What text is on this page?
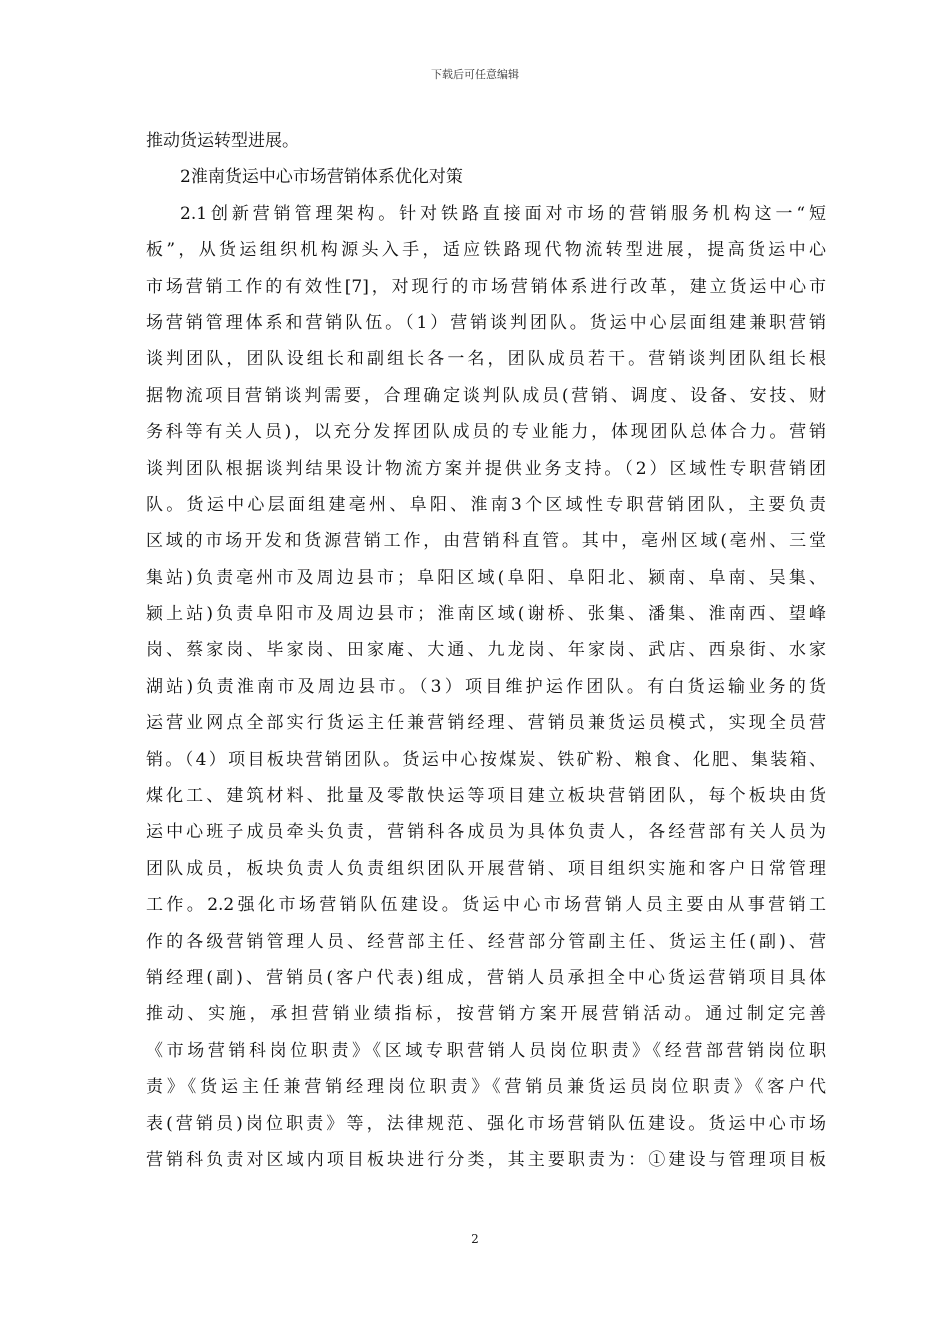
下载后可任意编辑
推动货运转型进展。
2淮南货运中心市场营销体系优化对策
2.1创新营销管理架构。针对铁路直接面对市场的营销服务机构这一“短
板”，从货运组织机构源头入手，适应铁路现代物流转型进展，提高货运中心
市场营销工作的有效性[7]，对现行的市场营销体系进行改革，建立货运中心市
场营销管理体系和营销队伍。（1）营销谈判团队。货运中心层面组建兼职营销
谈判团队，团队设组长和副组长各一名，团队成员若干。营销谈判团队组长根
据物流项目营销谈判需要，合理确定谈判队成员(营销、调度、设备、安技、财
务科等有关人员)，以充分发挥团队成员的专业能力，体现团队总体合力。营销
谈判团队根据谈判结果设计物流方案并提供业务支持。（2）区域性专职营销团
队。货运中心层面组建亳州、阜阳、淮南3个区域性专职营销团队，主要负责
区域的市场开发和货源营销工作，由营销科直管。其中，亳州区域(亳州、三堂
集站)负责亳州市及周边县市；阜阳区域(阜阳、阜阳北、颍南、阜南、吴集、
颍上站)负责阜阳市及周边县市；淮南区域(谢桥、张集、潘集、淮南西、望峰
岗、蔡家岗、毕家岗、田家庵、大通、九龙岗、年家岗、武店、西泉街、水家
湖站)负责淮南市及周边县市。（3）项目维护运作团队。有白货运输业务的货
运营业网点全部实行货运主任兼营销经理、营销员兼货运员模式，实现全员营
销。（4）项目板块营销团队。货运中心按煤炭、铁矿粉、粮食、化肥、集装箱、
煤化工、建筑材料、批量及零散快运等项目建立板块营销团队，每个板块由货
运中心班子成员牵头负责，营销科各成员为具体负责人，各经营部有关人员为
团队成员，板块负责人负责组织团队开展营销、项目组织实施和客户日常管理
工作。2.2强化市场营销队伍建设。货运中心市场营销人员主要由从事营销工
作的各级营销管理人员、经营部主任、经营部分管副主任、货运主任(副)、营
销经理(副)、营销员(客户代表)组成，营销人员承担全中心货运营销项目具体
推动、实施，承担营销业绩指标，按营销方案开展营销活动。通过制定完善
《市场营销科岗位职责》《区域专职营销人员岗位职责》《经营部营销岗位职
责》《货运主任兼营销经理岗位职责》《营销员兼货运员岗位职责》《客户代
表(营销员)岗位职责》等，法律规范、强化市场营销队伍建设。货运中心市场
营销科负责对区域内项目板块进行分类，其主要职责为：①建设与管理项目板
2
